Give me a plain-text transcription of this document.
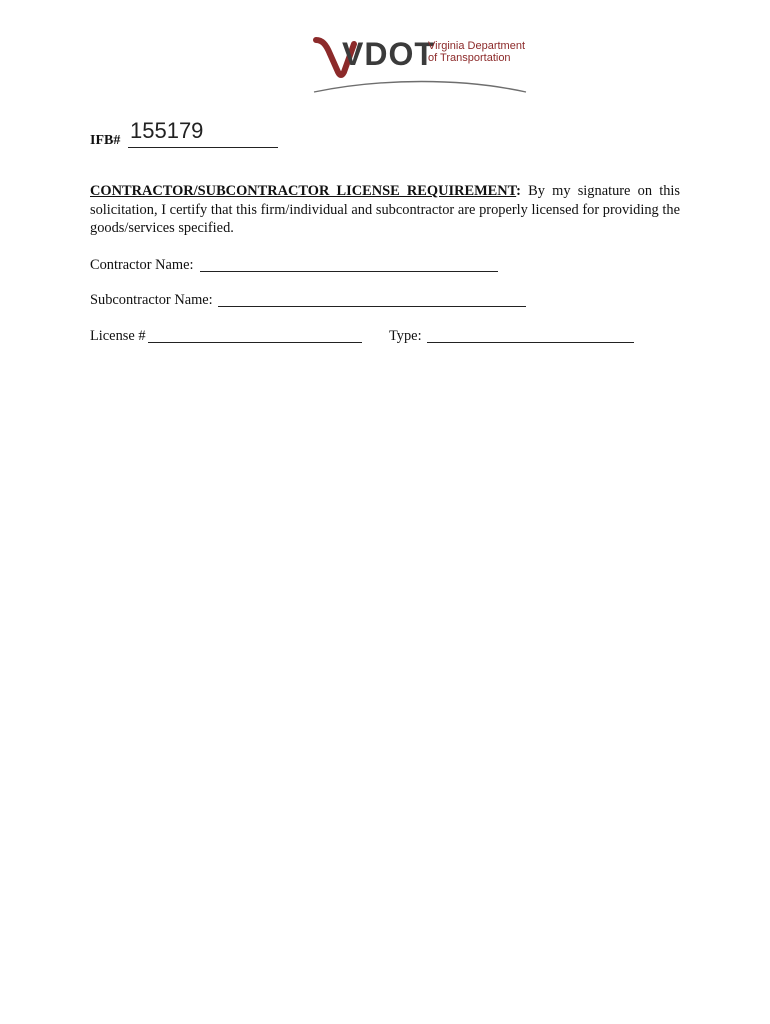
VDOT
Virginia Department
of Transportation
IFB# 155179
CONTRACTOR/SUBCONTRACTOR LICENSE REQUIREMENT: By my signature on this solicitation, I certify that this firm/individual and subcontractor are properly licensed for providing the goods/services specified.
Contractor Name:
Subcontractor Name:
License #	Type:
